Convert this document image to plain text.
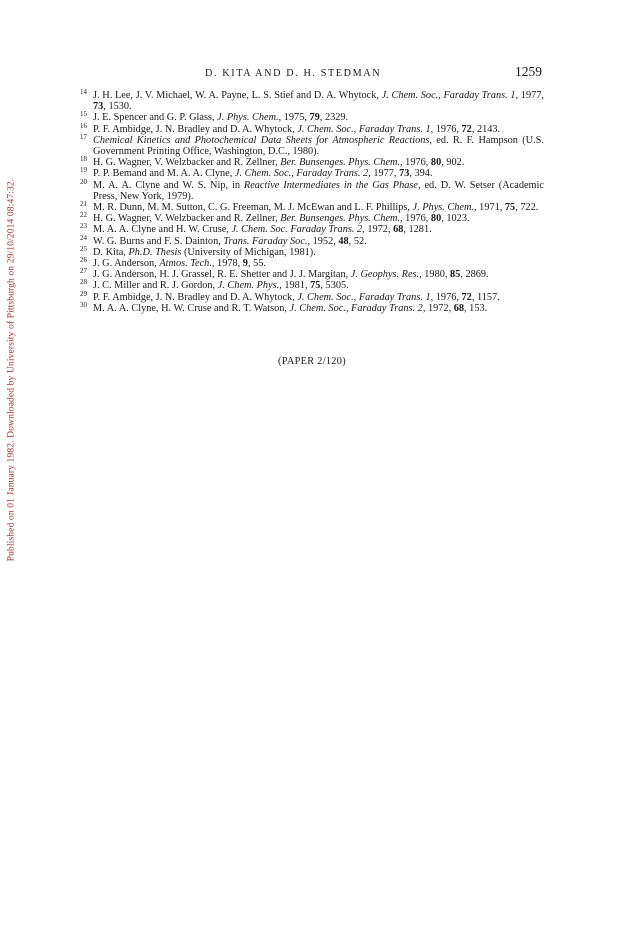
Published on 01 January 1982. Downloaded by University of Pittsburgh on 29/10/2014 08:47:32.
D. KITA AND D. H. STEDMAN	1259
14 J. H. Lee, J. V. Michael, W. A. Payne, L. S. Stief and D. A. Whytock, J. Chem. Soc., Faraday Trans. 1, 1977, 73, 1530.
15 J. E. Spencer and G. P. Glass, J. Phys. Chem., 1975, 79, 2329.
16 P. F. Ambidge, J. N. Bradley and D. A. Whytock, J. Chem. Soc., Faraday Trans. 1, 1976, 72, 2143.
17 Chemical Kinetics and Photochemical Data Sheets for Atmospheric Reactions, ed. R. F. Hampson (U.S. Government Printing Office, Washington, D.C., 1980).
18 H. G. Wagner, V. Welzbacker and R. Zellner, Ber. Bunsenges. Phys. Chem., 1976, 80, 902.
19 P. P. Bemand and M. A. A. Clyne, J. Chem. Soc., Faraday Trans. 2, 1977, 73, 394.
20 M. A. A. Clyne and W. S. Nip, in Reactive Intermediates in the Gas Phase, ed. D. W. Setser (Academic Press, New York, 1979).
21 M. R. Dunn, M. M. Sutton, C. G. Freeman, M. J. McEwan and L. F. Phillips, J. Phys. Chem., 1971, 75, 722.
22 H. G. Wagner, V. Welzbacker and R. Zellner, Ber. Bunsenges. Phys. Chem., 1976, 80, 1023.
23 M. A. A. Clyne and H. W. Cruse, J. Chem. Soc. Faraday Trans. 2, 1972, 68, 1281.
24 W. G. Burns and F. S. Dainton, Trans. Faraday Soc., 1952, 48, 52.
25 D. Kita, Ph.D. Thesis (University of Michigan, 1981).
26 J. G. Anderson, Atmos. Tech., 1978, 9, 55.
27 J. G. Anderson, H. J. Grassel, R. E. Shetter and J. J. Margitan, J. Geophys. Res., 1980, 85, 2869.
28 J. C. Miller and R. J. Gordon, J. Chem. Phys., 1981, 75, 5305.
29 P. F. Ambidge, J. N. Bradley and D. A. Whytock, J. Chem. Soc., Faraday Trans. 1, 1976, 72, 1157.
30 M. A. A. Clyne, H. W. Cruse and R. T. Watson, J. Chem. Soc., Faraday Trans. 2, 1972, 68, 153.
(PAPER 2/120)
